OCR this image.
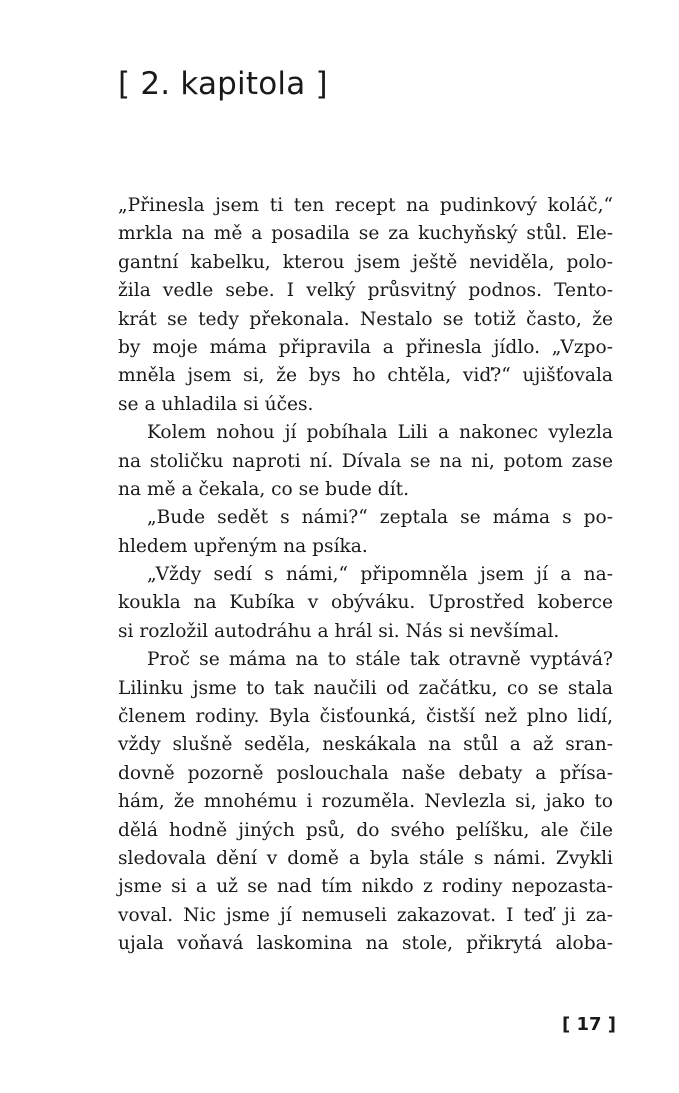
[ 2. kapitola ]
„Přinesla jsem ti ten recept na pudinkový koláč,“
mrkla na mě a posadila se za kuchyňský stůl. Ele-
gantní kabelku, kterou jsem ještě neviděla, polo-
žila vedle sebe. I velký průsvitný podnos. Tento-
krát se tedy překonala. Nestalo se totiž často, že
by moje máma připravila a přinesla jídlo. „Vzpo-
mněla jsem si, že bys ho chtěla, viď?“ ujišťovala
se a uhladila si účes.
Kolem nohou jí pobíhala Lili a nakonec vylezla
na stoličku naproti ní. Dívala se na ni, potom zase
na mě a čekala, co se bude dít.
„Bude sedět s námi?“ zeptala se máma s po-
hledem upřeným na psíka.
„Vždy sedí s námi,“ připomněla jsem jí a na-
koukla na Kubíka v obýváku. Uprostřed koberce
si rozložil autodráhu a hrál si. Nás si nevšímal.
Proč se máma na to stále tak otravně vyptává?
Lilinku jsme to tak naučili od začátku, co se stala
členem rodiny. Byla čisťounká, čistší než plno lidí,
vždy slušně seděla, neskákala na stůl a až sran-
dovně pozorně poslouchala naše debaty a přísa-
hám, že mnohému i rozuměla. Nevlezla si, jako to
dělá hodně jiných psů, do svého pelíšku, ale čile
sledovala dění v domě a byla stále s námi. Zvykli
jsme si a už se nad tím nikdo z rodiny nepozasta-
voval. Nic jsme jí nemuseli zakazovat. I teď ji za-
ujala voňavá laskomina na stole, přikrytá aloba-
[ 17 ]
